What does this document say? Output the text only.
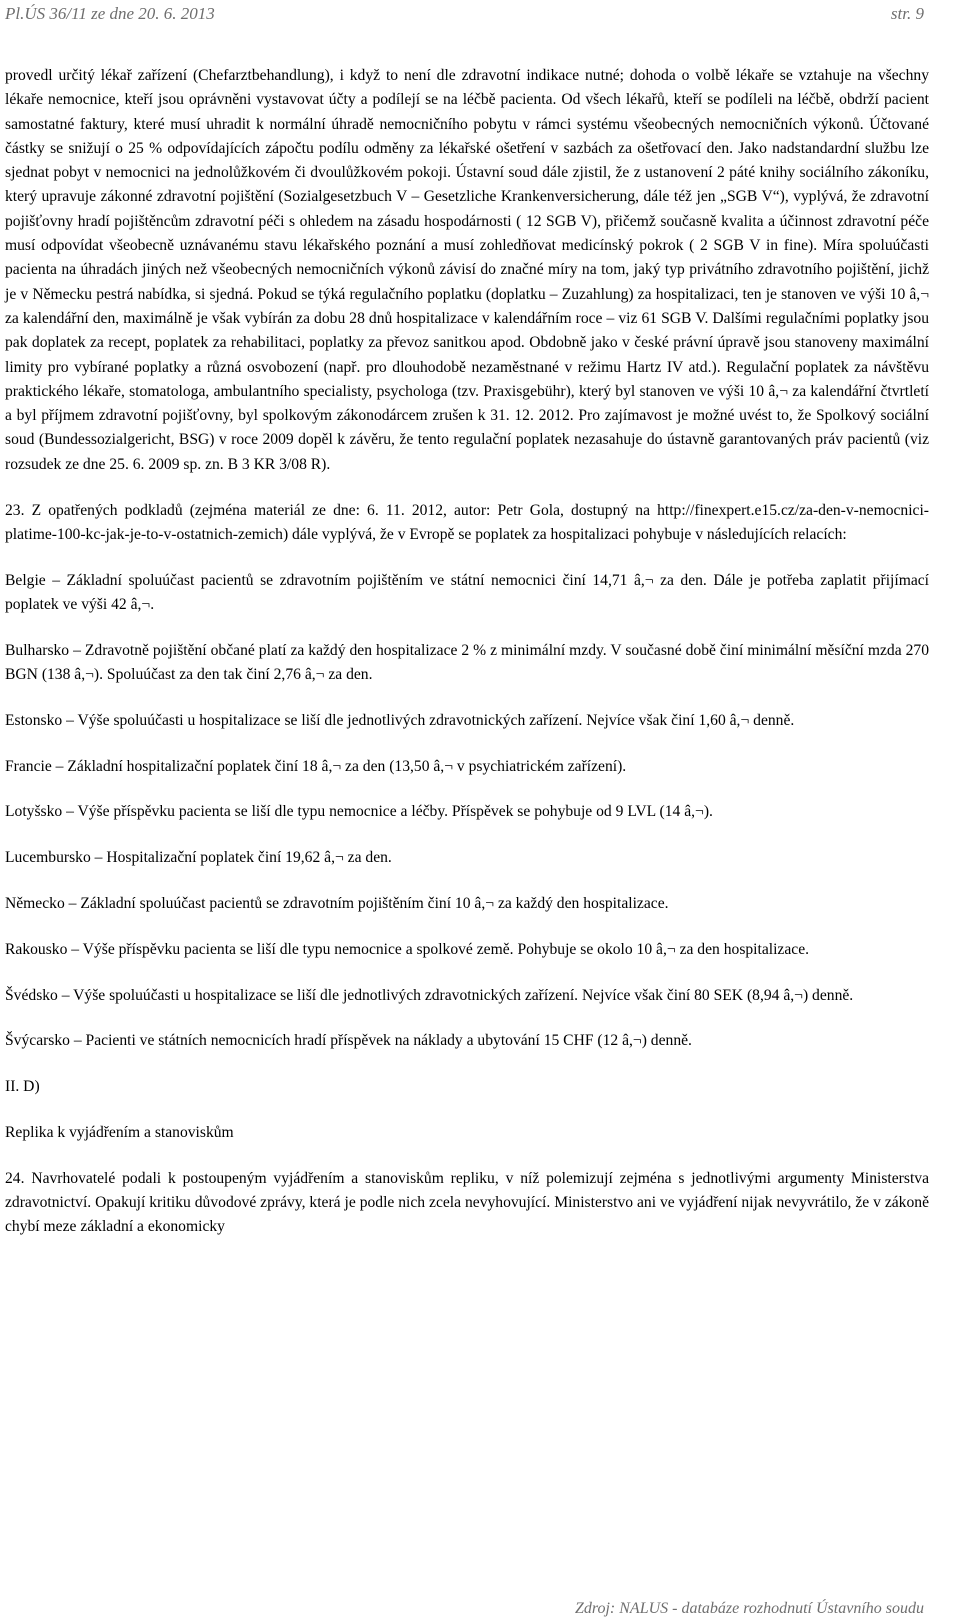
Pl.ÚS 36/11 ze dne 20. 6. 2013	str. 9

provedl určitý lékař zařízení (Chefarztbehandlung), i když to není dle zdravotní indikace nutné; dohoda o volbě lékaře se vztahuje na všechny lékaře nemocnice, kteří jsou oprávněni vystavovat účty a podílejí se na léčbě pacienta. Od všech lékařů, kteří se podíleli na léčbě, obdrží pacient samostatné faktury, které musí uhradit k normální úhradě nemocničního pobytu v rámci systému všeobecných nemocničních výkonů. Účtované částky se snižují o 25 % odpovídajících zápočtu podílu odměny za lékařské ošetření v sazbách za ošetřovací den. Jako nadstandardní službu lze sjednat pobyt v nemocnici na jednolůžkovém či dvoulůžkovém pokoji. Ústavní soud dále zjistil, že z ustanovení 2 páté knihy sociálního zákoníku, který upravuje zákonné zdravotní pojištění (Sozialgesetzbuch V – Gesetzliche Krankenversicherung, dále též jen „SGB V“), vyplývá, že zdravotní pojišťovny hradí pojištěncům zdravotní péči s ohledem na zásadu hospodárnosti ( 12 SGB V), přičemž současně kvalita a účinnost zdravotní péče musí odpovídat všeobecně uznávanému stavu lékařského poznání a musí zohledňovat medicínský pokrok ( 2 SGB V in fine). Míra spoluúčasti pacienta na úhradách jiných než všeobecných nemocničních výkonů závisí do značné míry na tom, jaký typ privátního zdravotního pojištění, jichž je v Německu pestrá nabídka, si sjedná. Pokud se týká regulačního poplatku (doplatku – Zuzahlung) za hospitalizaci, ten je stanoven ve výši 10 â,¬ za kalendářní den, maximálně je však vybírán za dobu 28 dnů hospitalizace v kalendářním roce – viz 61 SGB V. Dalšími regulačními poplatky jsou pak doplatek za recept, poplatek za rehabilitaci, poplatky za převoz sanitkou apod. Obdobně jako v české právní úpravě jsou stanoveny maximální limity pro vybírané poplatky a různá osvobození (např. pro dlouhodobě nezaměstnané v režimu Hartz IV atd.). Regulační poplatek za návštěvu praktického lékaře, stomatologa, ambulantního specialisty, psychologa (tzv. Praxisgebühr), který byl stanoven ve výši 10 â,¬ za kalendářní čtvrtletí a byl příjmem zdravotní pojišťovny, byl spolkovým zákonodárcem zrušen k 31. 12. 2012. Pro zajímavost je možné uvést to, že Spolkový sociální soud (Bundessozialgericht, BSG) v roce 2009 dopěl k závěru, že tento regulační poplatek nezasahuje do ústavně garantovaných práv pacientů (viz rozsudek ze dne 25. 6. 2009 sp. zn. B 3 KR 3/08 R).

23. Z opatřených podkladů (zejména materiál ze dne: 6. 11. 2012, autor: Petr Gola, dostupný na http://finexpert.e15.cz/za-den-v-nemocnici-platime-100-kc-jak-je-to-v-ostatnich-zemich) dále vyplývá, že v Evropě se poplatek za hospitalizaci pohybuje v následujících relacích:

Belgie – Základní spoluúčast pacientů se zdravotním pojištěním ve státní nemocnici činí 14,71 â,¬ za den. Dále je potřeba zaplatit přijímací poplatek ve výši 42 â,¬.

Bulharsko – Zdravotně pojištění občané platí za každý den hospitalizace 2 % z minimální mzdy. V současné době činí minimální měsíční mzda 270 BGN (138 â,¬). Spoluúčast za den tak činí 2,76 â,¬ za den.

Estonsko – Výše spoluúčasti u hospitalizace se liší dle jednotlivých zdravotnických zařízení. Nejvíce však činí 1,60 â,¬ denně.

Francie – Základní hospitalizační poplatek činí 18 â,¬ za den (13,50 â,¬ v psychiatrickém zařízení).

Lotyšsko – Výše příspěvku pacienta se liší dle typu nemocnice a léčby. Příspěvek se pohybuje od 9 LVL (14 â,¬).

Lucembursko – Hospitalizační poplatek činí 19,62 â,¬ za den.

Německo – Základní spoluúčast pacientů se zdravotním pojištěním činí 10 â,¬ za každý den hospitalizace.

Rakousko – Výše příspěvku pacienta se liší dle typu nemocnice a spolkové země. Pohybuje se okolo 10 â,¬ za den hospitalizace.

Švédsko – Výše spoluúčasti u hospitalizace se liší dle jednotlivých zdravotnických zařízení. Nejvíce však činí 80 SEK (8,94 â,¬) denně.

Švýcarsko – Pacienti ve státních nemocnicích hradí příspěvek na náklady a ubytování 15 CHF (12 â,¬) denně.

II. D)

Replika k vyjádřením a stanoviskům

24. Navrhovatelé podali k postoupeným vyjádřením a stanoviskům repliku, v níž polemizují zejména s jednotlivými argumenty Ministerstva zdravotnictví. Opakují kritiku důvodové zprávy, která je podle nich zcela nevyhovující. Ministerstvo ani ve vyjádření nijak nevyvrátilo, že v zákoně chybí meze základní a ekonomicky

Zdroj: NALUS - databáze rozhodnutí Ústavního soudu
